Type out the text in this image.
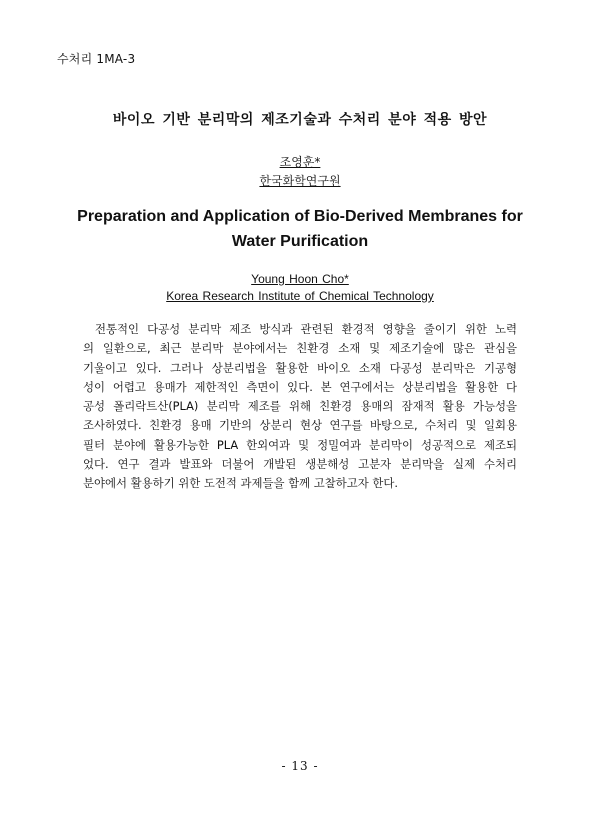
수처리 1MA-3
바이오 기반 분리막의 제조기술과 수처리 분야 적용 방안
조영훈*
한국화학연구원
Preparation and Application of Bio-Derived Membranes for
Water Purification
Young Hoon Cho*
Korea Research Institute of Chemical Technology
전통적인 다공성 분리막 제조 방식과 관련된 환경적 영향을 줄이기 위한 노력
의 일환으로, 최근 분리막 분야에서는 친환경 소재 및 제조기술에 많은 관심을
기울이고 있다. 그러나 상분리법을 활용한 바이오 소재 다공성 분리막은 기공형
성이 어렵고 용매가 제한적인 측면이 있다. 본 연구에서는 상분리법을 활용한 다
공성 폴리락트산(PLA) 분리막 제조를 위해 친환경 용매의 잠재적 활용 가능성을
조사하였다. 친환경 용매 기반의 상분리 현상 연구를 바탕으로, 수처리 및 일회용
필터 분야에 활용가능한 PLA 한외여과 및 정밀여과 분리막이 성공적으로 제조되
었다. 연구 결과 발표와 더불어 개발된 생분해성 고분자 분리막을 실제 수처리
분야에서 활용하기 위한 도전적 과제들을 함께 고찰하고자 한다.
- 13 -
